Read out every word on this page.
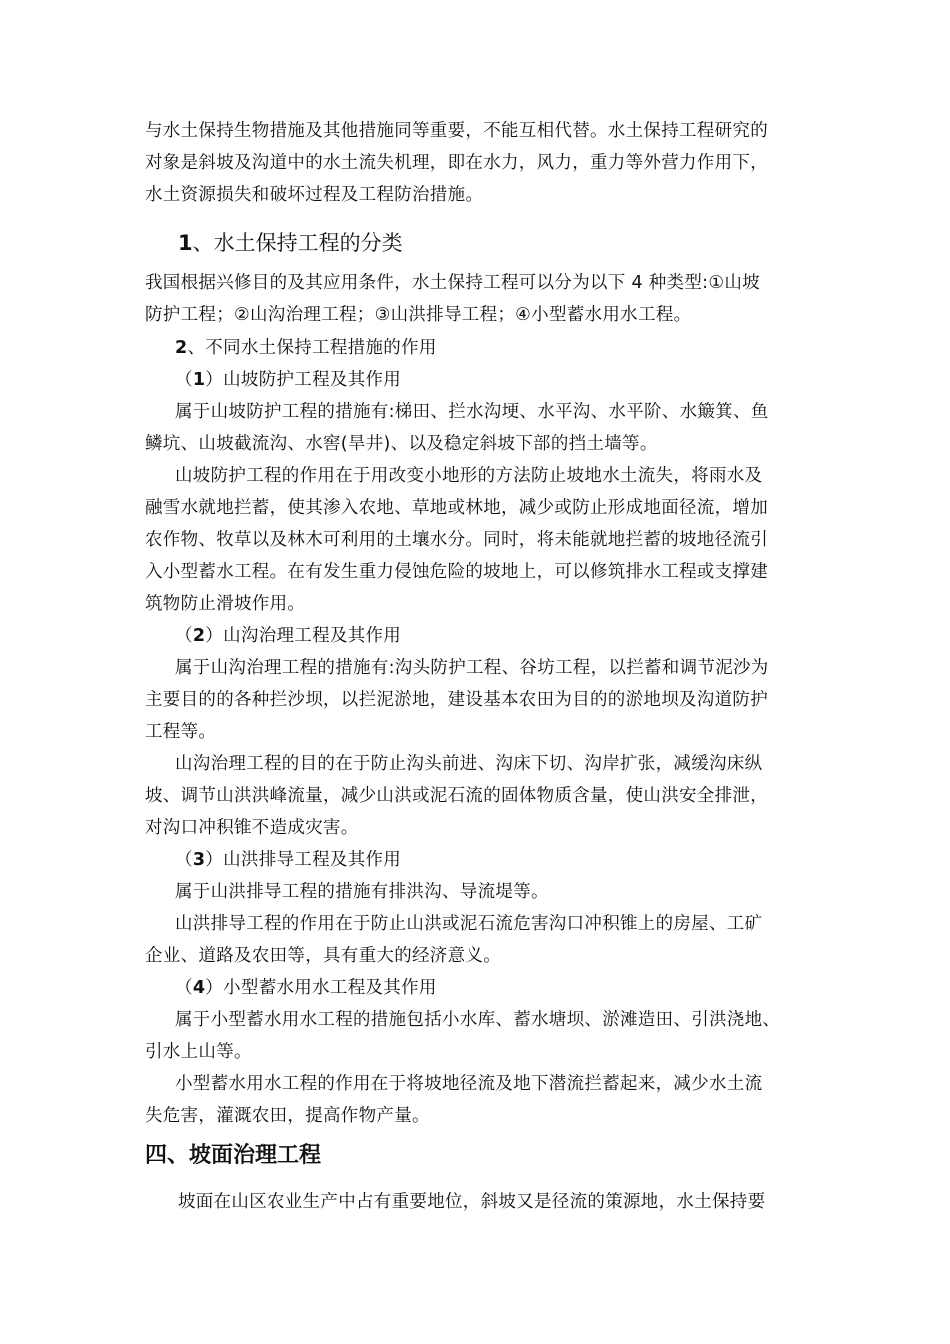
与水土保持生物措施及其他措施同等重要，不能互相代替。水土保持工程研究的
对象是斜坡及沟道中的水土流失机理，即在水力，风力，重力等外营力作用下，
水土资源损失和破坏过程及工程防治措施。
1、水土保持工程的分类
我国根据兴修目的及其应用条件，水土保持工程可以分为以下 4 种类型:①山坡
防护工程；②山沟治理工程；③山洪排导工程；④小型蓄水用水工程。
2、不同水土保持工程措施的作用
（1）山坡防护工程及其作用
属于山坡防护工程的措施有:梯田、拦水沟埂、水平沟、水平阶、水簸箕、鱼
鳞坑、山坡截流沟、水窖(旱井)、以及稳定斜坡下部的挡土墙等。
山坡防护工程的作用在于用改变小地形的方法防止坡地水土流失，将雨水及
融雪水就地拦蓄，使其渗入农地、草地或林地，减少或防止形成地面径流，增加
农作物、牧草以及林木可利用的土壤水分。同时，将未能就地拦蓄的坡地径流引
入小型蓄水工程。在有发生重力侵蚀危险的坡地上，可以修筑排水工程或支撑建
筑物防止滑坡作用。
（2）山沟治理工程及其作用
属于山沟治理工程的措施有:沟头防护工程、谷坊工程，以拦蓄和调节泥沙为
主要目的的各种拦沙坝，以拦泥淤地，建设基本农田为目的的淤地坝及沟道防护
工程等。
山沟治理工程的目的在于防止沟头前进、沟床下切、沟岸扩张，减缓沟床纵
坡、调节山洪洪峰流量，减少山洪或泥石流的固体物质含量，使山洪安全排泄，
对沟口冲积锥不造成灾害。
（3）山洪排导工程及其作用
属于山洪排导工程的措施有排洪沟、导流堤等。
山洪排导工程的作用在于防止山洪或泥石流危害沟口冲积锥上的房屋、工矿
企业、道路及农田等，具有重大的经济意义。
（4）小型蓄水用水工程及其作用
属于小型蓄水用水工程的措施包括小水库、蓄水塘坝、淤滩造田、引洪浇地、
引水上山等。
小型蓄水用水工程的作用在于将坡地径流及地下潜流拦蓄起来，减少水土流
失危害，灌溉农田，提高作物产量。
四、坡面治理工程
坡面在山区农业生产中占有重要地位，斜坡又是径流的策源地，水土保持要
